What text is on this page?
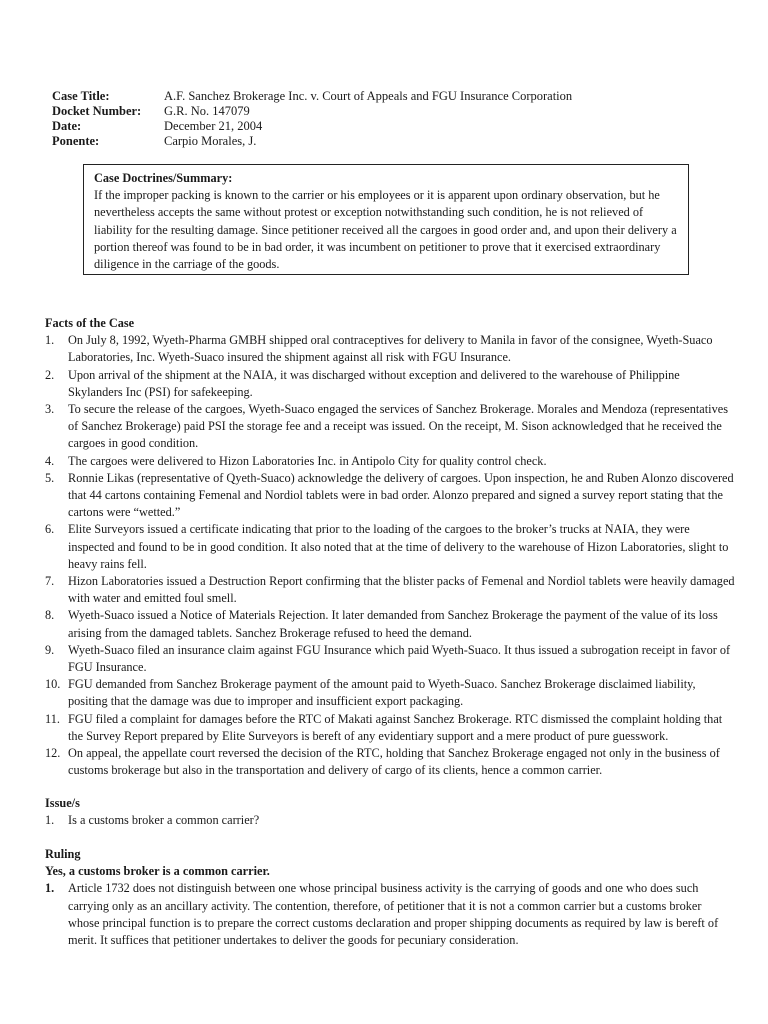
Case Title:	A.F. Sanchez Brokerage Inc. v. Court of Appeals and FGU Insurance Corporation
Docket Number:	G.R. No. 147079
Date:	December 21, 2004
Ponente:	Carpio Morales, J.
Case Doctrines/Summary:
If the improper packing is known to the carrier or his employees or it is apparent upon ordinary observation, but he nevertheless accepts the same without protest or exception notwithstanding such condition, he is not relieved of liability for the resulting damage. Since petitioner received all the cargoes in good order and, and upon their delivery a portion thereof was found to be in bad order, it was incumbent on petitioner to prove that it exercised extraordinary diligence in the carriage of the goods.
Facts of the Case
1.	On July 8, 1992, Wyeth-Pharma GMBH shipped oral contraceptives for delivery to Manila in favor of the consignee, Wyeth-Suaco Laboratories, Inc. Wyeth-Suaco insured the shipment against all risk with FGU Insurance.
2.	Upon arrival of the shipment at the NAIA, it was discharged without exception and delivered to the warehouse of Philippine Skylanders Inc (PSI) for safekeeping.
3.	To secure the release of the cargoes, Wyeth-Suaco engaged the services of Sanchez Brokerage. Morales and Mendoza (representatives of Sanchez Brokerage) paid PSI the storage fee and a receipt was issued. On the receipt, M. Sison acknowledged that he received the cargoes in good condition.
4.	The cargoes were delivered to Hizon Laboratories Inc. in Antipolo City for quality control check.
5.	Ronnie Likas (representative of Qyeth-Suaco) acknowledge the delivery of cargoes. Upon inspection, he and Ruben Alonzo discovered that 44 cartons containing Femenal and Nordiol tablets were in bad order. Alonzo prepared and signed a survey report stating that the cartons were “wetted.”
6.	Elite Surveyors issued a certificate indicating that prior to the loading of the cargoes to the broker’s trucks at NAIA, they were inspected and found to be in good condition. It also noted that at the time of delivery to the warehouse of Hizon Laboratories, slight to heavy rains fell.
7.	Hizon Laboratories issued a Destruction Report confirming that the blister packs of Femenal and Nordiol tablets were heavily damaged with water and emitted foul smell.
8.	Wyeth-Suaco issued a Notice of Materials Rejection. It later demanded from Sanchez Brokerage the payment of the value of its loss arising from the damaged tablets. Sanchez Brokerage refused to heed the demand.
9.	Wyeth-Suaco filed an insurance claim against FGU Insurance which paid Wyeth-Suaco. It thus issued a subrogation receipt in favor of FGU Insurance.
10. FGU demanded from Sanchez Brokerage payment of the amount paid to Wyeth-Suaco. Sanchez Brokerage disclaimed liability, positing that the damage was due to improper and insufficient export packaging.
11. FGU filed a complaint for damages before the RTC of Makati against Sanchez Brokerage. RTC dismissed the complaint holding that the Survey Report prepared by Elite Surveyors is bereft of any evidentiary support and a mere product of pure guesswork.
12. On appeal, the appellate court reversed the decision of the RTC, holding that Sanchez Brokerage engaged not only in the business of customs brokerage but also in the transportation and delivery of cargo of its clients, hence a common carrier.
Issue/s
1.	Is a customs broker a common carrier?
Ruling
Yes, a customs broker is a common carrier.
1.	Article 1732 does not distinguish between one whose principal business activity is the carrying of goods and one who does such carrying only as an ancillary activity. The contention, therefore, of petitioner that it is not a common carrier but a customs broker whose principal function is to prepare the correct customs declaration and proper shipping documents as required by law is bereft of merit. It suffices that petitioner undertakes to deliver the goods for pecuniary consideration.
